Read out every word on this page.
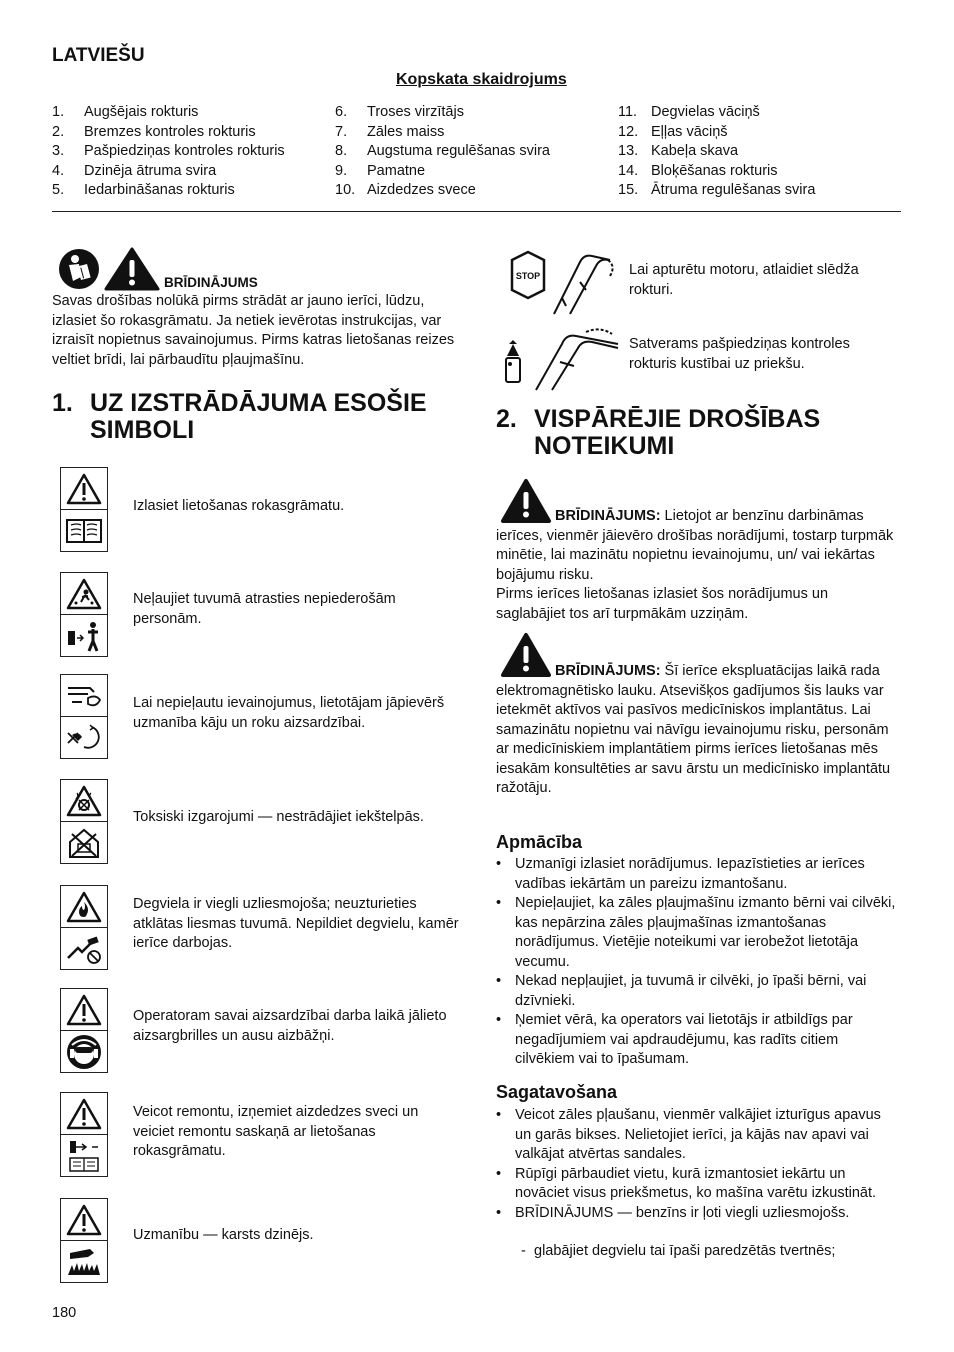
LATVIEŠU
Kopskata skaidrojums
1. Augšējais rokturis
2. Bremzes kontroles rokturis
3. Pašpiedziņas kontroles rokturis
4. Dzinēja ātruma svira
5. Iedarbināšanas rokturis
6. Troses virzītājs
7. Zāles maiss
8. Augstuma regulēšanas svira
9. Pamatne
10. Aizdedzes svece
11. Degvielas vāciņš
12. Eļļas vāciņš
13. Kabeļa skava
14. Bloķēšanas rokturis
15. Ātruma regulēšanas svira
BRĪDINĀJUMS
Savas drošības nolūkā pirms strādāt ar jauno ierīci, lūdzu, izlasiet šo rokasgrāmatu. Ja netiek ievērotas instrukcijas, var izraisīt nopietnus savainojumus. Pirms katras lietošanas reizes veltiet brīdi, lai pārbaudītu pļaujmašīnu.
1. UZ IZSTRĀDĀJUMA ESOŠIE
SIMBOLI
Izlasiet lietošanas rokasgrāmatu.
Neļaujiet tuvumā atrasties nepiederošām personām.
Lai nepieļautu ievainojumus, lietotājam jāpievērš uzmanība kāju un roku aizsardzībai.
Toksiski izgarojumi — nestrādājiet iekštelpās.
Degviela ir viegli uzliesmojoša; neuzturieties atklātas liesmas tuvumā. Nepildiet degvielu, kamēr ierīce darbojas.
Operatoram savai aizsardzībai darba laikā jālieto aizsargbrilles un ausu aizbāžņi.
Veicot remontu, izņemiet aizdedzes sveci un veiciet remontu saskaņā ar lietošanas rokasgrāmatu.
Uzmanību — karsts dzinējs.
STOP	Lai apturētu motoru, atlaidiet slēdža rokturi.
Satverams pašpiedziņas kontroles rokturis kustībai uz priekšu.
2. VISPĀRĒJIE DROŠĪBAS
NOTEIKUMI
BRĪDINĀJUMS: Lietojot ar benzīnu darbināmas ierīces, vienmēr jāievēro drošības norādījumi, tostarp turpmāk minētie, lai mazinātu nopietnu ievainojumu, un/ vai iekārtas bojājumu risku.
Pirms ierīces lietošanas izlasiet šos norādījumus un saglabājiet tos arī turpmākām uzziņām.
BRĪDINĀJUMS: Šī ierīce ekspluatācijas laikā rada elektromagnētisko lauku. Atsevišķos gadījumos šis lauks var ietekmēt aktīvos vai pasīvos medicīniskos implantātus. Lai samazinātu nopietnu vai nāvīgu ievainojumu risku, personām ar medicīniskiem implantātiem pirms ierīces lietošanas mēs iesakām konsultēties ar savu ārstu un medicīnisko implantātu ražotāju.
Apmācība
• Uzmanīgi izlasiet norādījumus. Iepazīstieties ar ierīces vadības iekārtām un pareizu izmantošanu.
• Nepieļaujiet, ka zāles pļaujmašīnu izmanto bērni vai cilvēki, kas nepārzina zāles pļaujmašīnas izmantošanas norādījumus. Vietējie noteikumi var ierobežot lietotāja vecumu.
• Nekad nepļaujiet, ja tuvumā ir cilvēki, jo īpaši bērni, vai dzīvnieki.
• Ņemiet vērā, ka operators vai lietotājs ir atbildīgs par negadījumiem vai apdraudējumu, kas radīts citiem cilvēkiem vai to īpašumam.
Sagatavošana
• Veicot zāles pļaušanu, vienmēr valkājiet izturīgus apavus un garās bikses. Nelietojiet ierīci, ja kājās nav apavi vai valkājat atvērtas sandales.
• Rūpīgi pārbaudiet vietu, kurā izmantosiet iekārtu un novāciet visus priekšmetus, ko mašīna varētu izkustināt.
• BRĪDINĀJUMS — benzīns ir ļoti viegli uzliesmojošs.
- glabājiet degvielu tai īpaši paredzētās tvertnēs;
180
